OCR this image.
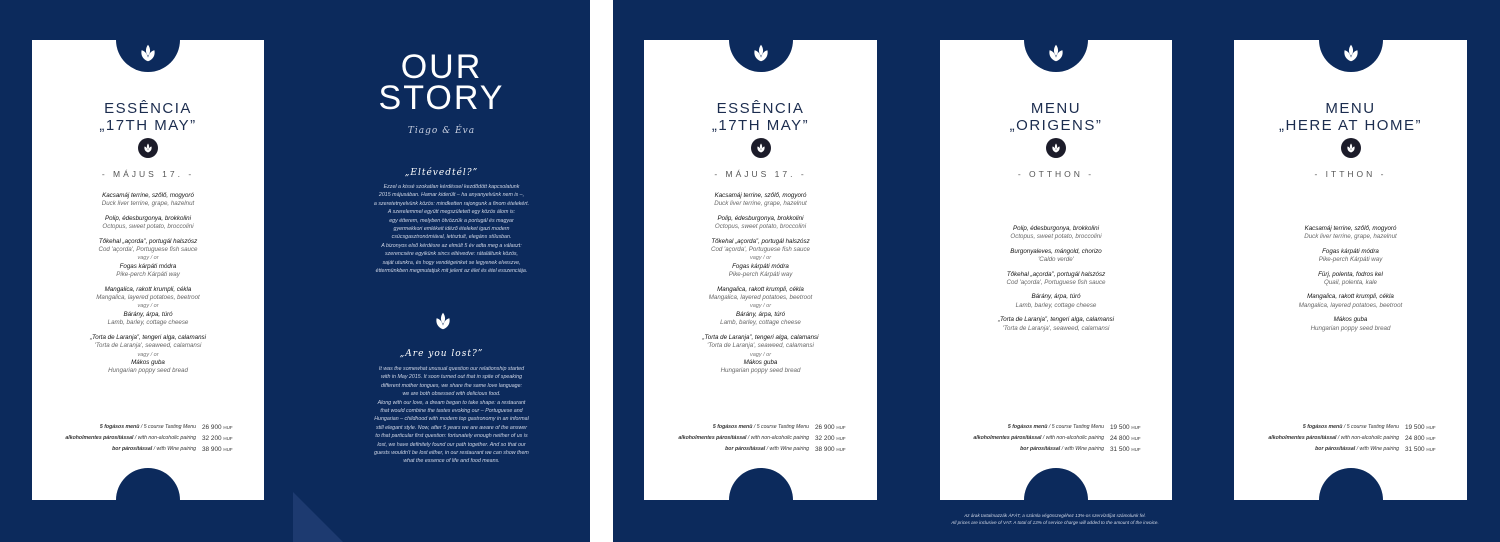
ESSÊNCIA
„17TH MAY”
- MÁJUS 17. -
Kacsamáj terrine, szőlő, mogyoró
Duck liver terrine, grape, hazelnut
Polip, édesburgonya, brokkolini
Octopus, sweet potato, broccolini
Tőkehal „açorda”, portugál halszósz
Cod 'açorda', Portuguese fish sauce
vagy / or
Fogas kárpáti módra
Pike-perch Kárpáti way
Mangalica, rakott krumpli, cékla
Mangalica, layered potatoes, beetroot
vagy / or
Bárány, árpa, túró
Lamb, barley, cottage cheese
„Torta de Laranja”, tengeri alga, calamansi
'Torta de Laranja', seaweed, calamansi
vagy / or
Mákos guba
Hungarian poppy seed bread
5 fogásos menü / 5 course Tasting Menu 26 900 HUF
alkoholmentes párosítással / with non-alcoholic pairing 32 200 HUF
bor párosítással / with Wine pairing 38 900 HUF
OUR
STORY
Tiago & Éva
„Eltévedtél?”
Ezzel a kissé szokatlan kérdéssel kezdődött kapcsolatunk
2015 májusában. Hamar kiderült – ha anyanyelvünk nem is –,
a szeretetnyelvünk közös: mindketten rajongunk a finom ételekért.
A szerelemmel együtt megszületett egy közös álom is:
egy étterem, melyben ötvözzük a portugál és magyar
gyermekkori emlékeit idéző ételeket igazi modern
csúcsgasztronómiával, letisztult, elegáns stílusban.
A bizonyos első kérdésre az elmúlt 5 év adta meg a választ:
szerencsére egyikünk sincs eltévedve: rátaláltunk közös,
saját utunkra, és hogy vendégeinket se legyenek elveszve,
éttermünkben megmutatjuk mit jelent az élet és étel esszenciája.
„Are you lost?”
It was the somewhat unusual question our relationship started
with in May 2015. It soon turned out that in spite of speaking
different mother tongues, we share the same love language:
we are both obsessed with delicious food.
Along with our love, a dream began to take shape: a restaurant
that would combine the tastes evoking our – Portuguese and
Hungarian – childhood with modern top gastronomy in an informal
still elegant style. Now, after 5 years we are aware of the answer
to that particular first question: fortunately enough neither of us is
lost, we have definitely found our path together. And so that our
guests wouldn't be lost either, in our restaurant we can show them
what the essence of life and food means.
ESSÊNCIA
„17TH MAY”
- MÁJUS 17. -
Kacsamáj terrine, szőlő, mogyoró
Duck liver terrine, grape, hazelnut
Polip, édesburgonya, brokkolini
Octopus, sweet potato, broccolini
Tőkehal „açorda”, portugál halszósz
Cod 'açorda', Portuguese fish sauce
vagy / or
Fogas kárpáti módra
Pike-perch Kárpáti way
Mangalica, rakott krumpli, cékla
Mangalica, layered potatoes, beetroot
vagy / or
Bárány, árpa, túró
Lamb, barley, cottage cheese
„Torta de Laranja”, tengeri alga, calamansi
'Torta de Laranja', seaweed, calamansi
vagy / or
Mákos guba
Hungarian poppy seed bread
5 fogásos menü / 5 course Tasting Menu 26 900 HUF
alkoholmentes párosítással / with non-alcoholic pairing 32 200 HUF
bor párosítással / with Wine pairing 38 900 HUF
MENU
„ORIGENS”
- OTTHON -
Polip, édesburgonya, brokkolini
Octopus, sweet potato, broccolini
Burgonyaleves, mángold, chorizo
'Caldo verde'
Tőkehal „açorda”, portugál halszósz
Cod 'açorda', Portuguese fish sauce
Bárány, árpa, túró
Lamb, barley, cottage cheese
„Torta de Laranja”, tengeri alga, calamansi
'Torta de Laranja', seaweed, calamansi
5 fogásos menü / 5 course Tasting Menu 19 500 HUF
alkoholmentes párosítással / with non-alcoholic pairing 24 800 HUF
bor párosítással / with Wine pairing 31 500 HUF
MENU
„HERE AT HOME”
- ITTHON -
Kacsamáj terrine, szőlő, mogyoró
Duck liver terrine, grape, hazelnut
Fogas kárpáti módra
Pike-perch Kárpáti way
Fürj, polenta, fodros kel
Quail, polenta, kale
Mangalica, rakott krumpli, cékla
Mangalica, layered potatoes, beetroot
Mákos guba
Hungarian poppy seed bread
5 fogásos menü / 5 course Tasting Menu 19 500 HUF
alkoholmentes párosítással / with non-alcoholic pairing 24 800 HUF
bor párosítással / with Wine pairing 31 500 HUF
Az árak tartalmazzák ÁFÁT, a számla végösszegéhez 13%-os szervízdíjat számolunk fel.
All prices are inclusive of VAT. A total of 13% of service charge will added to the amount of the invoice.
